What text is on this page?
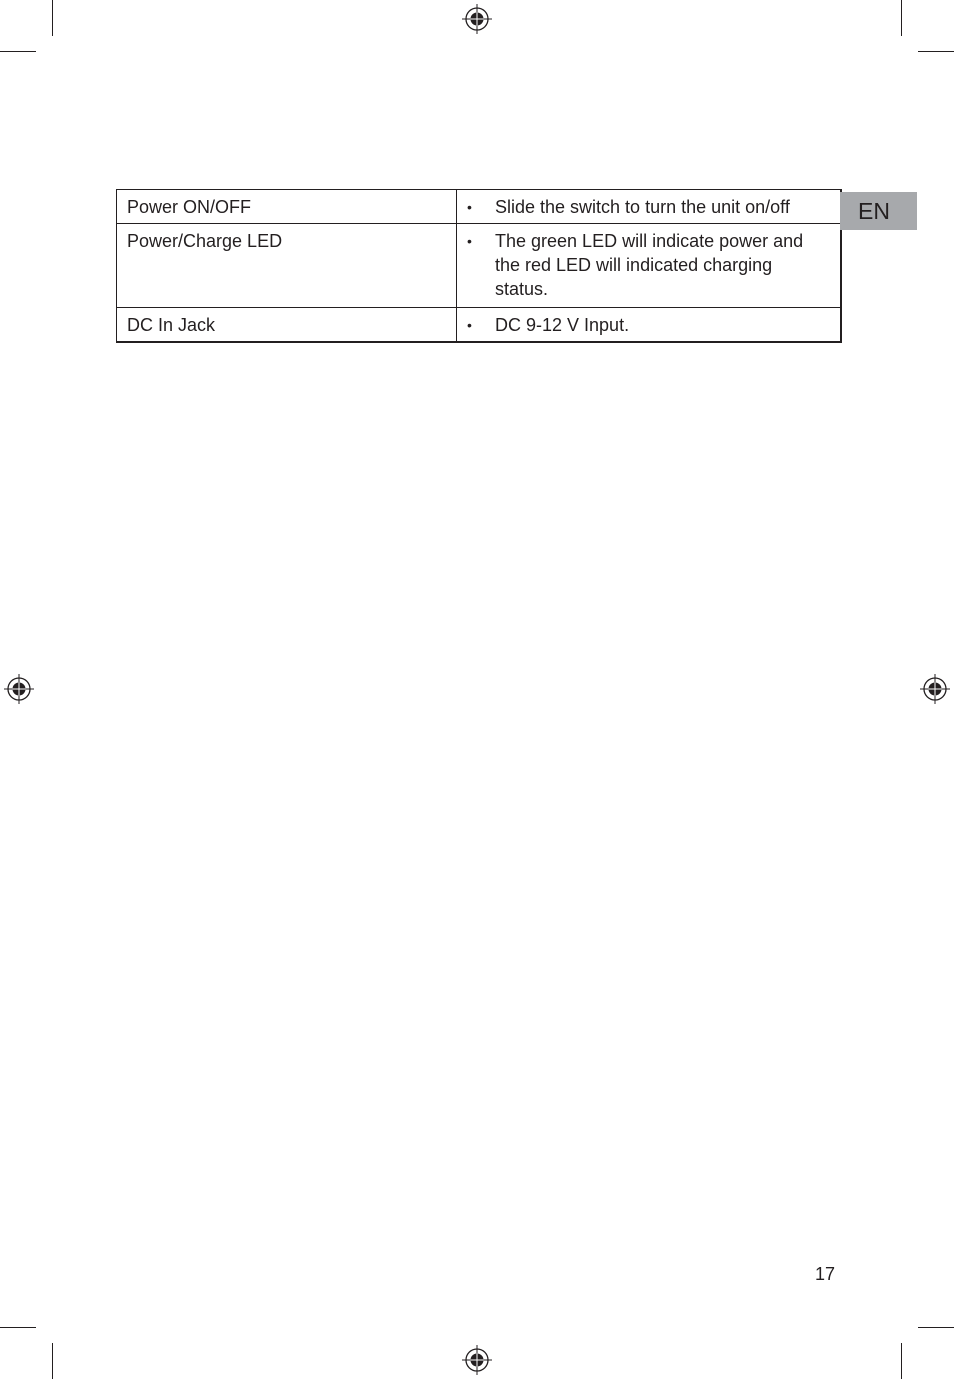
Power ON/OFF	• Slide the switch to turn the unit on/off

Power/Charge LED	• The green LED will indicate power and the red LED will indicated charging status.

DC In Jack	• DC 9-12 V Input.
EN
17
